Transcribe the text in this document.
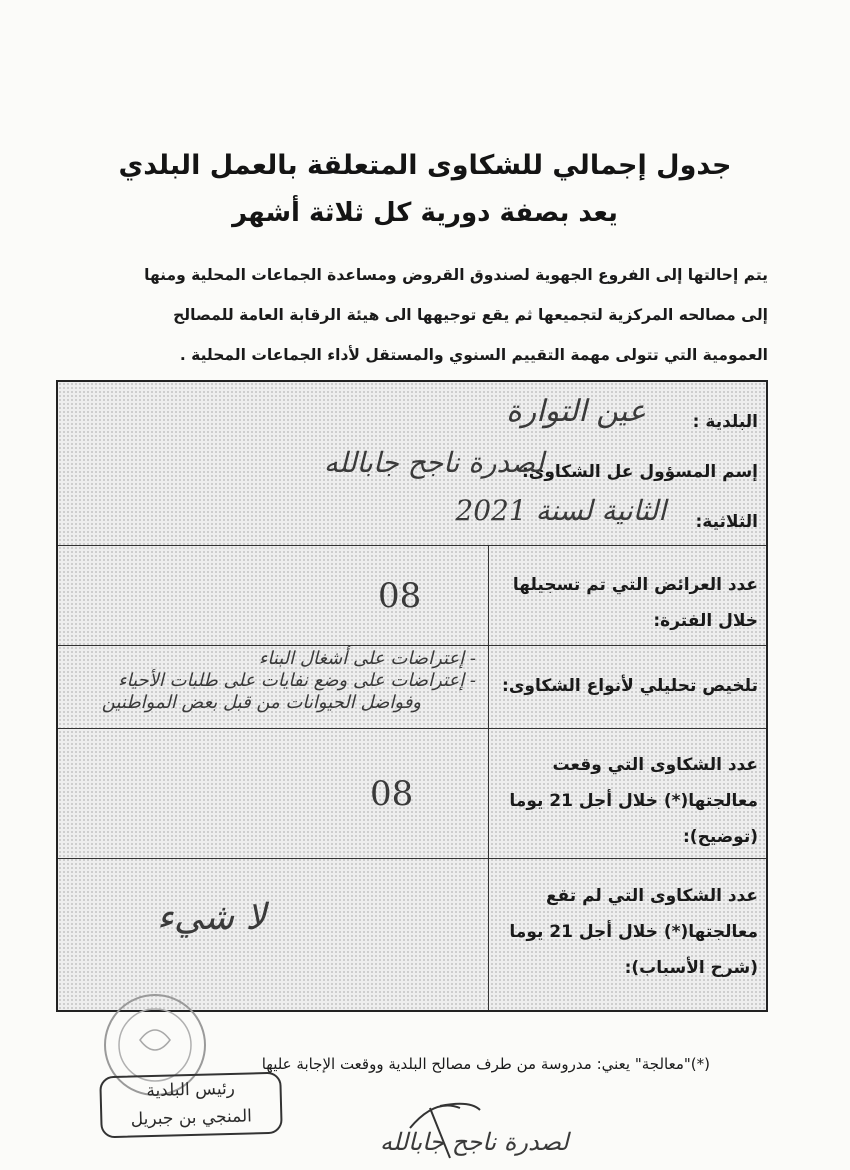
جدول إجمالي للشكاوى المتعلقة بالعمل البلدي
يعد بصفة دورية كل ثلاثة أشهر
يتم إحالتها إلى الفروع الجهوية لصندوق القروض ومساعدة الجماعات المحلية ومنها
إلى مصالحه المركزية لتجميعها ثم يقع توجيهها الى هيئة الرقابة العامة للمصالح
العمومية التي تتولى مهمة التقييم السنوي والمستقل لأداء الجماعات المحلية .
البلدية :
عين التوارة
إسم المسؤول عل الشكاوى:
لصدرة ناجح جابالله
الثلاثية:
الثانية لسنة 2021
عدد العرائض التي تم تسجيلها خلال الفترة:
08
تلخيص تحليلي لأنواع الشكاوى:
- إعتراضات على أشغال البناء
- إعتراضات على وضع نفايات على طلبات الأحياء
وفواضل الحيوانات من قبل بعض المواطنين
عدد الشكاوى التي وقعت معالجتها(*) خلال أجل 21 يوما (توضيح):
08
عدد الشكاوى التي لم تقع معالجتها(*) خلال أجل 21 يوما (شرح الأسباب):
لا شيء
(*)"معالجة" يعني: مدروسة من طرف مصالح البلدية ووقعت الإجابة عليها
رئيس البلدية
المنجي بن جبريل
لصدرة ناجح جابالله
